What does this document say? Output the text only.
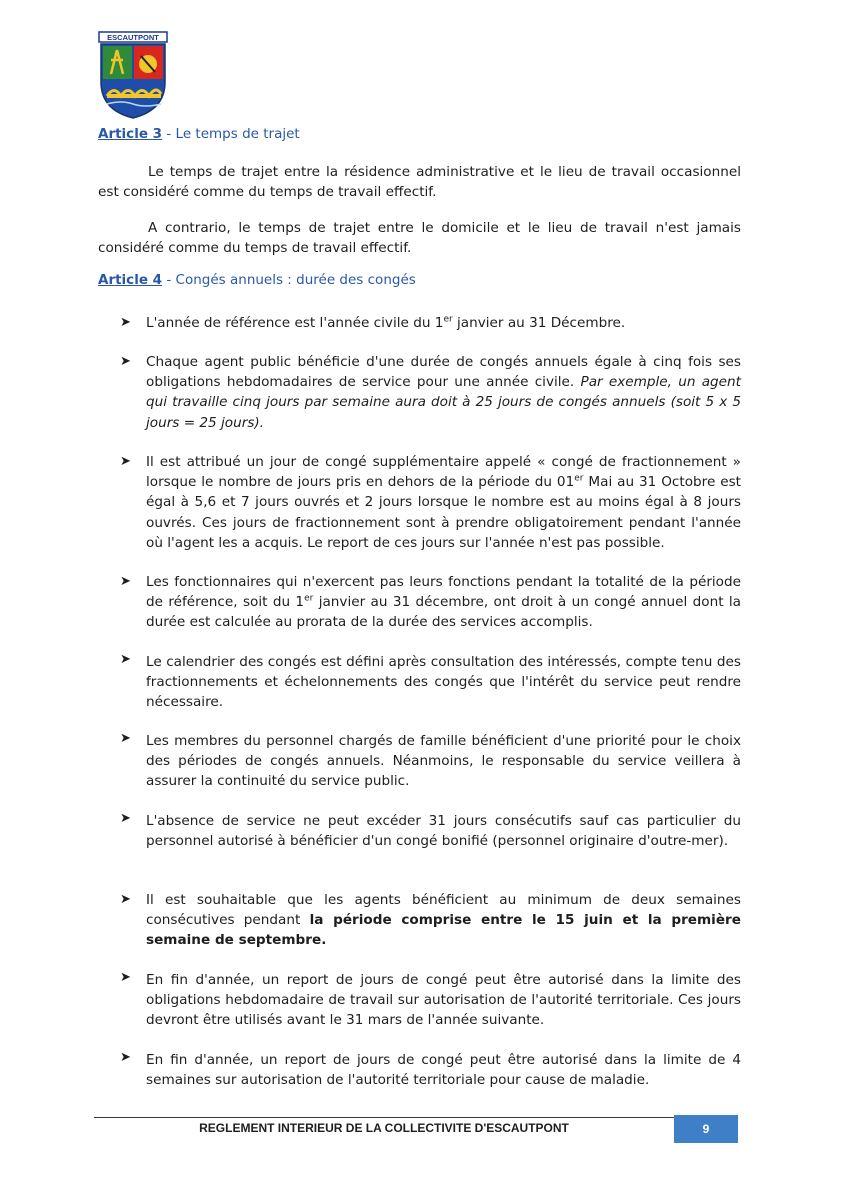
ESCAUTPONT
Article 3 - Le temps de trajet

Le temps de trajet entre la résidence administrative et le lieu de travail occasionnel est considéré comme du temps de travail effectif.

A contrario, le temps de trajet entre le domicile et le lieu de travail n'est jamais considéré comme du temps de travail effectif.

Article 4 - Congés annuels : durée des congés
➤ L'année de référence est l'année civile du 1er janvier au 31 Décembre.
➤ Chaque agent public bénéficie d'une durée de congés annuels égale à cinq fois ses obligations hebdomadaires de service pour une année civile. Par exemple, un agent qui travaille cinq jours par semaine aura doit à 25 jours de congés annuels (soit 5 x 5 jours = 25 jours).
➤ Il est attribué un jour de congé supplémentaire appelé « congé de fractionnement » lorsque le nombre de jours pris en dehors de la période du 01er Mai au 31 Octobre est égal à 5,6 et 7 jours ouvrés et 2 jours lorsque le nombre est au moins égal à 8 jours ouvrés. Ces jours de fractionnement sont à prendre obligatoirement pendant l'année où l'agent les a acquis. Le report de ces jours sur l'année n'est pas possible.
➤ Les fonctionnaires qui n'exercent pas leurs fonctions pendant la totalité de la période de référence, soit du 1er janvier au 31 décembre, ont droit à un congé annuel dont la durée est calculée au prorata de la durée des services accomplis.
Le calendrier des congés est défini après consultation des intéressés, compte tenu des fractionnements et échelonnements des congés que l'intérêt du service peut rendre nécessaire.
➤
Les membres du personnel chargés de famille bénéficient d'une priorité pour le choix des périodes de congés annuels. Néanmoins, le responsable du service veillera à assurer la continuité du service public.
➤
L'absence de service ne peut excéder 31 jours consécutifs sauf cas particulier du personnel autorisé à bénéficier d'un congé bonifié (personnel originaire d'outre-mer).
➤
➤ Il est souhaitable que les agents bénéficient au minimum de deux semaines consécutives pendant la période comprise entre le 15 juin et la première semaine de septembre.
En fin d'année, un report de jours de congé peut être autorisé dans la limite des obligations hebdomadaire de travail sur autorisation de l'autorité territoriale. Ces jours devront être utilisés avant le 31 mars de l'année suivante.
➤
En fin d'année, un report de jours de congé peut être autorisé dans la limite de 4 semaines sur autorisation de l'autorité territoriale pour cause de maladie.
➤
REGLEMENT INTERIEUR DE LA COLLECTIVITE D'ESCAUTPONT	9
